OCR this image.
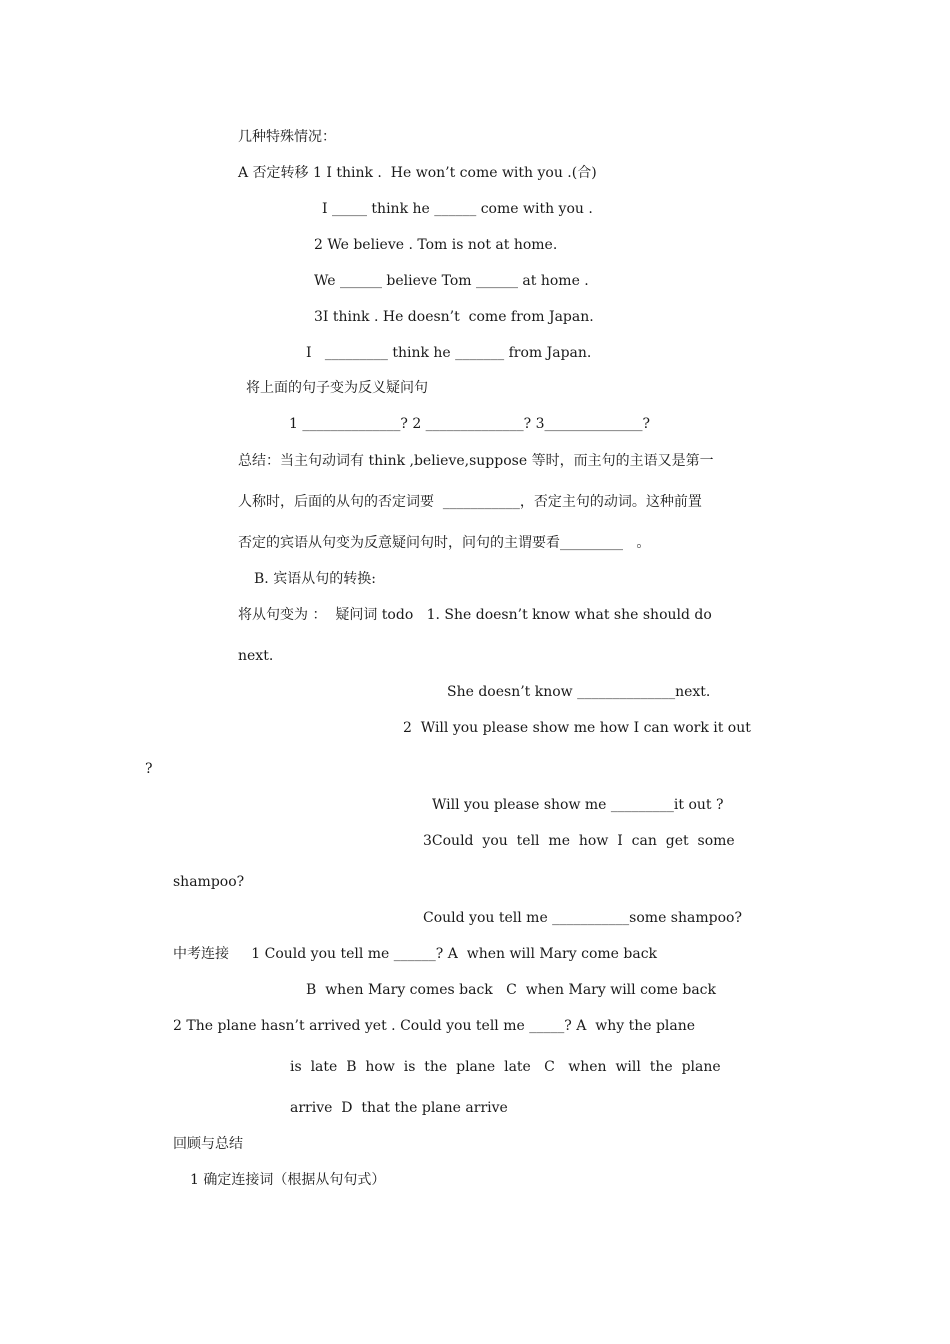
几种特殊情况：
A 否定转移 1 I think .  He won’t come with you .(合)
I _____ think he ______ come with you .
2 We believe . Tom is not at home.
We ______ believe Tom ______ at home .
3I think . He doesn’t  come from Japan.
I   _________ think he _______ from Japan.
将上面的句子变为反义疑问句
1 ______________? 2 ______________? 3______________?
总结：当主句动词有 think ,believe,suppose 等时，而主句的主语又是第一
人称时，后面的从句的否定词要  ___________，否定主句的动词。这种前置
否定的宾语从句变为反意疑问句时，问句的主谓要看_________   。
B. 宾语从句的转换:
将从句变为 ：  疑问词 todo   1. She doesn’t know what she should do
next.
She doesn’t know ______________next.
2  Will you please show me how I can work it out
?
Will you please show me _________it out ?
3Could  you  tell  me  how  I  can  get  some
shampoo?
Could you tell me ___________some shampoo?
中考连接     1 Could you tell me ______? A  when will Mary come back
B  when Mary comes back   C  when Mary will come back
2 The plane hasn’t arrived yet . Could you tell me _____? A  why the plane
is  late  B  how  is  the  plane  late   C   when  will  the  plane
arrive  D  that the plane arrive
回顾与总结
1 确定连接词（根据从句句式）
